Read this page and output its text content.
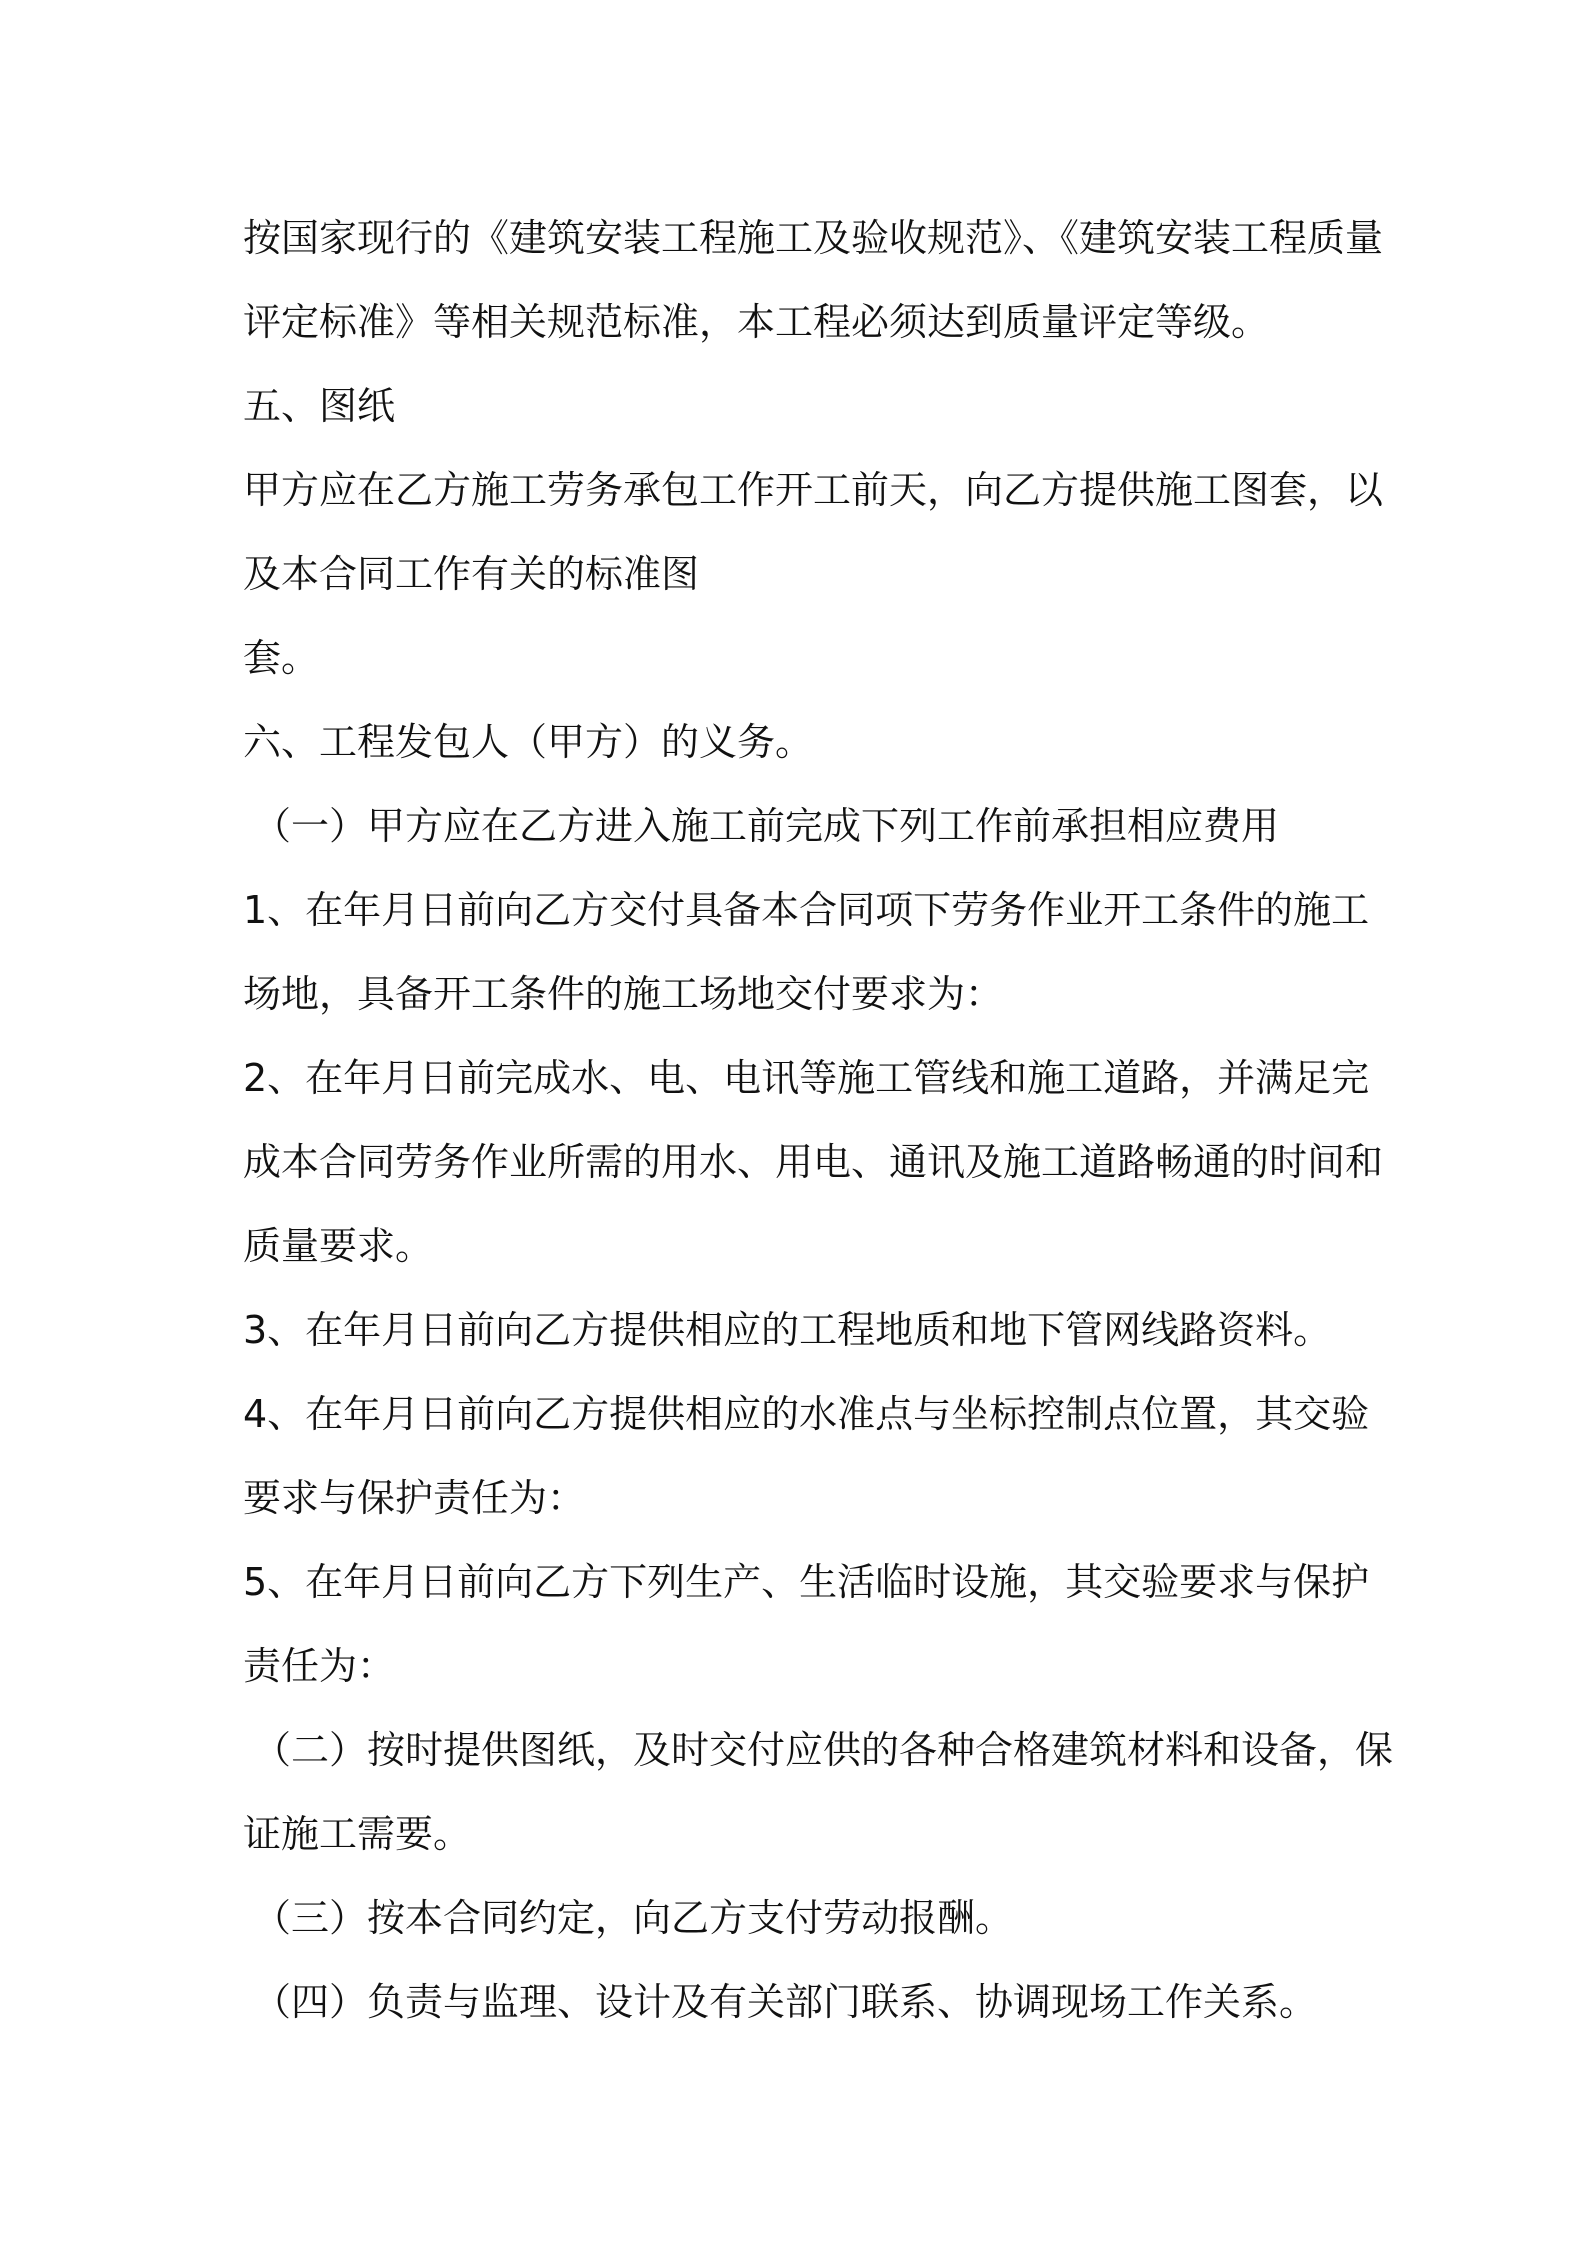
按国家现行的《建筑安装工程施工及验收规范》、《建筑安装工程质量
评定标准》等相关规范标准，本工程必须达到质量评定等级。
五、图纸
甲方应在乙方施工劳务承包工作开工前天，向乙方提供施工图套，以
及本合同工作有关的标准图
套。
六、工程发包人（甲方）的义务。
（一）甲方应在乙方进入施工前完成下列工作前承担相应费用
1、在年月日前向乙方交付具备本合同项下劳务作业开工条件的施工
场地，具备开工条件的施工场地交付要求为：
2、在年月日前完成水、电、电讯等施工管线和施工道路，并满足完
成本合同劳务作业所需的用水、用电、通讯及施工道路畅通的时间和
质量要求。
3、在年月日前向乙方提供相应的工程地质和地下管网线路资料。
4、在年月日前向乙方提供相应的水准点与坐标控制点位置，其交验
要求与保护责任为：
5、在年月日前向乙方下列生产、生活临时设施，其交验要求与保护
责任为：
（二）按时提供图纸，及时交付应供的各种合格建筑材料和设备，保
证施工需要。
（三）按本合同约定，向乙方支付劳动报酬。
（四）负责与监理、设计及有关部门联系、协调现场工作关系。
